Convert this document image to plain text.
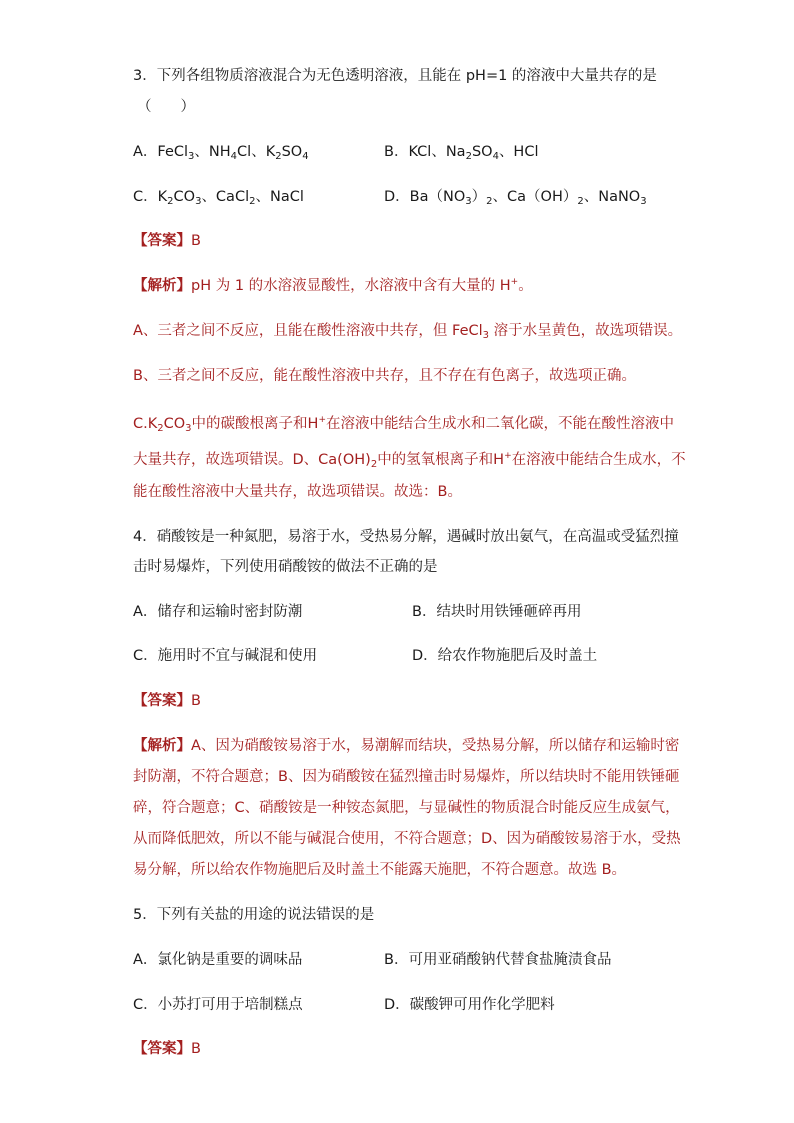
3．下列各组物质溶液混合为无色透明溶液，且能在 pH=1 的溶液中大量共存的是
（　　）
A．FeCl$_3$、$NH_4Cl$、$K_2SO_4$	B．KCl、$Na_2SO_4$、HCl
C．$K_2CO_3$、CaCl$_2$、NaCl	D．$Ba(NO_3)_2$、$Ca(OH)_2$、NaNO$_3$
【答案】B
【解析】pH 为 1 的水溶液显酸性，水溶液中含有大量的 H+。
A、三者之间不反应，且能在酸性溶液中共存，但 FeCl$_3$ 溶于水呈黄色，故选项错误。
B、三者之间不反应，能在酸性溶液中共存，且不存在有色离子，故选项正确。
$C.K_2CO_3$中的碳酸根离子和H+在溶液中能结合生成水和二氧化碳，不能在酸性溶液中
大量共存，故选项错误。D、$Ca(OH)_2$中的氢氧根离子和H+在溶液中能结合生成水，不
能在酸性溶液中大量共存，故选项错误。故选：B。
4．硝酸铵是一种氮肥，易溶于水，受热易分解，遇碱时放出氨气，在高温或受猛烈撞
击时易爆炸，下列使用硝酸铵的做法不正确的是
A．储存和运输时密封防潮	B．结块时用铁锤砸碎再用
C．施用时不宜与碱混和使用	D．给农作物施肥后及时盖土
【答案】B
【解析】A、因为硝酸铵易溶于水，易潮解而结块，受热易分解，所以储存和运输时密
封防潮，不符合题意；B、因为硝酸铵在猛烈撞击时易爆炸，所以结块时不能用铁锤砸
碎，符合题意；C、硝酸铵是一种铵态氮肥，与显碱性的物质混合时能反应生成氨气，
从而降低肥效，所以不能与碱混合使用，不符合题意；D、因为硝酸铵易溶于水，受热
易分解，所以给农作物施肥后及时盖土不能露天施肥，不符合题意。故选 B。
5．下列有关盐的用途的说法错误的是
A．氯化钠是重要的调味品	B．可用亚硝酸钠代替食盐腌渍食品
C．小苏打可用于培制糕点	D．碳酸钾可用作化学肥料
【答案】B
